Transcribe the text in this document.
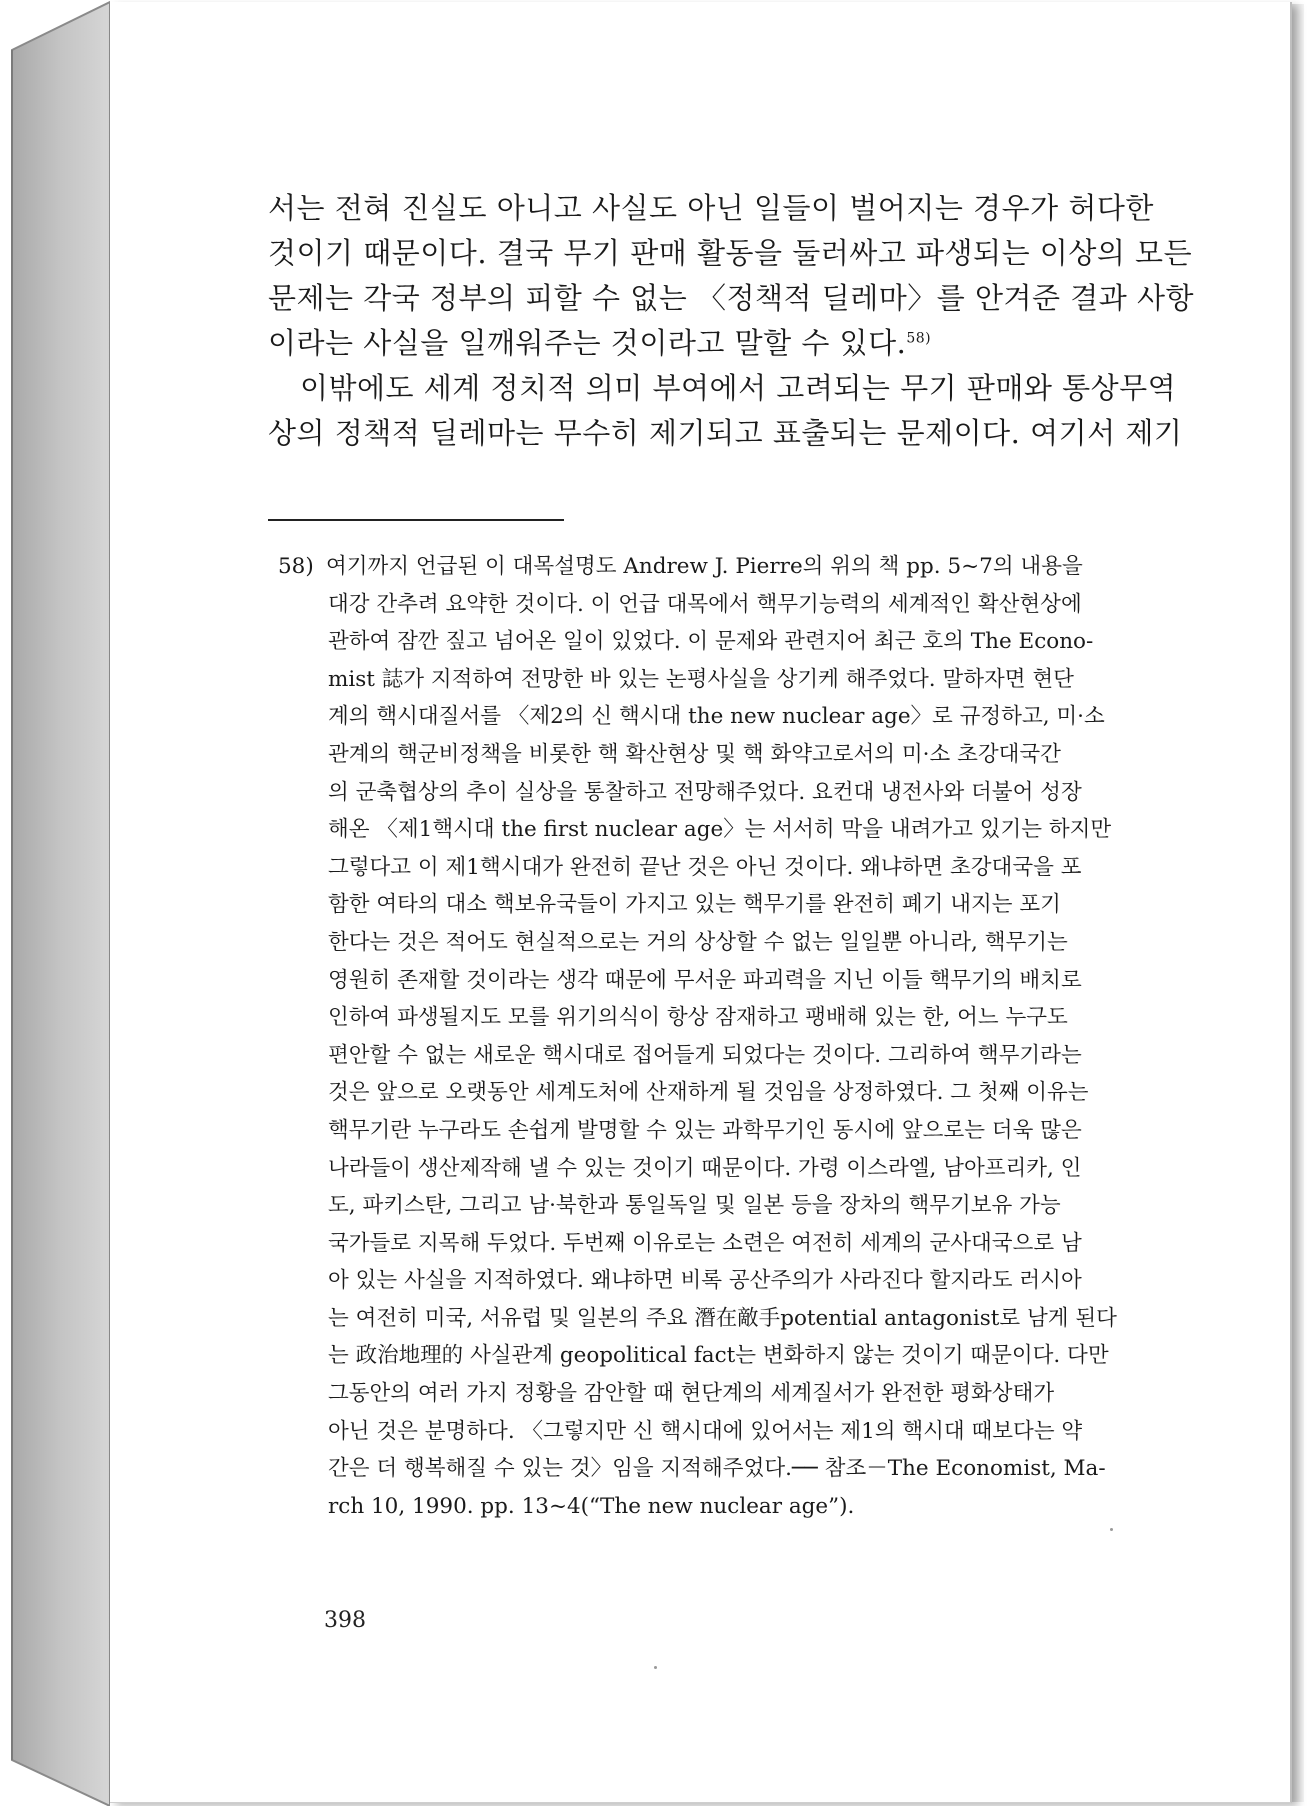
서는 전혀 진실도 아니고 사실도 아닌 일들이 벌어지는 경우가 허다한
것이기 때문이다. 결국 무기 판매 활동을 둘러싸고 파생되는 이상의 모든
문제는 각국 정부의 피할 수 없는 〈정책적 딜레마〉를 안겨준 결과 사항
이라는 사실을 일깨워주는 것이라고 말할 수 있다.$^{58)}$
이밖에도 세계 정치적 의미 부여에서 고려되는 무기 판매와 통상무역
상의 정책적 딜레마는 무수히 제기되고 표출되는 문제이다. 여기서 제기
58) 여기까지 언급된 이 대목설명도 Andrew J. Pierre의 위의 책 pp. 5~7의 내용을
대강 간추려 요약한 것이다. 이 언급 대목에서 핵무기능력의 세계적인 확산현상에
관하여 잠깐 짚고 넘어온 일이 있었다. 이 문제와 관련지어 최근 호의 The Econo-
mist 誌가 지적하여 전망한 바 있는 논평사실을 상기케 해주었다. 말하자면 현단
계의 핵시대질서를 〈제2의 신 핵시대 the new nuclear age〉로 규정하고, 미·소
관계의 핵군비정책을 비롯한 핵 확산현상 및 핵 화약고로서의 미·소 초강대국간
의 군축협상의 추이 실상을 통찰하고 전망해주었다. 요컨대 냉전사와 더불어 성장
해온 〈제1핵시대 the first nuclear age〉는 서서히 막을 내려가고 있기는 하지만
그렇다고 이 제1핵시대가 완전히 끝난 것은 아닌 것이다. 왜냐하면 초강대국을 포
함한 여타의 대소 핵보유국들이 가지고 있는 핵무기를 완전히 폐기 내지는 포기
한다는 것은 적어도 현실적으로는 거의 상상할 수 없는 일일뿐 아니라, 핵무기는
영원히 존재할 것이라는 생각 때문에 무서운 파괴력을 지닌 이들 핵무기의 배치로
인하여 파생될지도 모를 위기의식이 항상 잠재하고 팽배해 있는 한, 어느 누구도
편안할 수 없는 새로운 핵시대로 접어들게 되었다는 것이다. 그리하여 핵무기라는
것은 앞으로 오랫동안 세계도처에 산재하게 될 것임을 상정하였다. 그 첫째 이유는
핵무기란 누구라도 손쉽게 발명할 수 있는 과학무기인 동시에 앞으로는 더욱 많은
나라들이 생산제작해 낼 수 있는 것이기 때문이다. 가령 이스라엘, 남아프리카, 인
도, 파키스탄, 그리고 남·북한과 통일독일 및 일본 등을 장차의 핵무기보유 가능
국가들로 지목해 두었다. 두번째 이유로는 소련은 여전히 세계의 군사대국으로 남
아 있는 사실을 지적하였다. 왜냐하면 비록 공산주의가 사라진다 할지라도 러시아
는 여전히 미국, 서유럽 및 일본의 주요 潛在敵手potential antagonist로 남게 된다
는 政治地理的 사실관계 geopolitical fact는 변화하지 않는 것이기 때문이다. 다만
그동안의 여러 가지 정황을 감안할 때 현단계의 세계질서가 완전한 평화상태가
아닌 것은 분명하다. 〈그렇지만 신 핵시대에 있어서는 제1의 핵시대 때보다는 약
간은 더 행복해질 수 있는 것〉임을 지적해주었다.── 참조－The Economist, Ma-
rch 10, 1990. pp. 13~4(“The new nuclear age”).
398
